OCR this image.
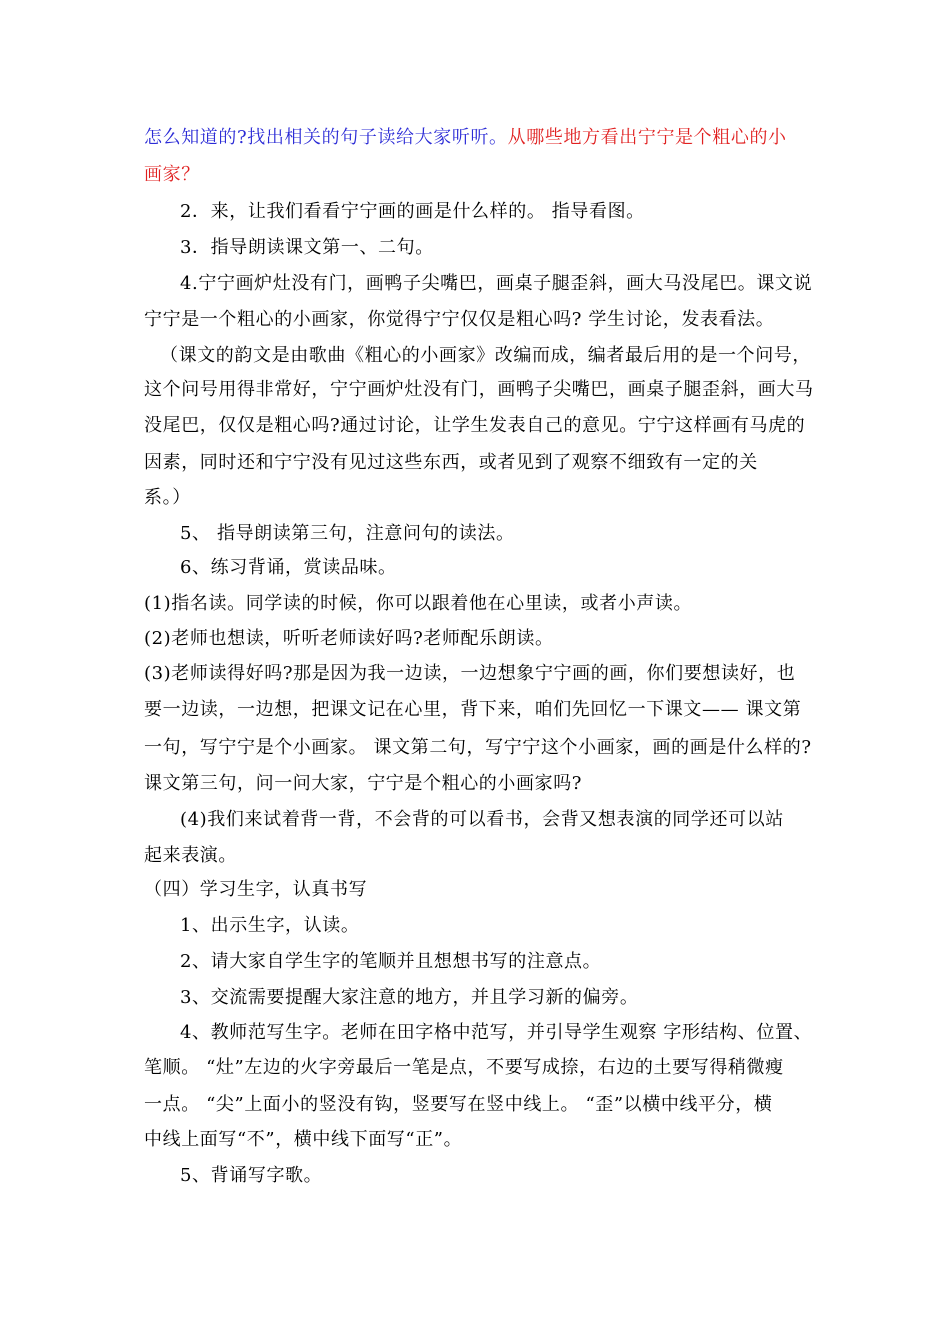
怎么知道的?找出相关的句子读给大家听听。从哪些地方看出宁宁是个粗心的小
画家？
2．来，让我们看看宁宁画的画是什么样的。 指导看图。
3．指导朗读课文第一、二句。
4.宁宁画炉灶没有门，画鸭子尖嘴巴，画桌子腿歪斜，画大马没尾巴。课文说
宁宁是一个粗心的小画家，你觉得宁宁仅仅是粗心吗? 学生讨论，发表看法。
（课文的韵文是由歌曲《粗心的小画家》改编而成，编者最后用的是一个问号，
这个问号用得非常好，宁宁画炉灶没有门，画鸭子尖嘴巴，画桌子腿歪斜，画大马
没尾巴，仅仅是粗心吗?通过讨论，让学生发表自己的意见。宁宁这样画有马虎的
因素，同时还和宁宁没有见过这些东西，或者见到了观察不细致有一定的关
系。）
5、 指导朗读第三句，注意问句的读法。
6、练习背诵，赏读品味。
(1)指名读。同学读的时候，你可以跟着他在心里读，或者小声读。
(2)老师也想读，听听老师读好吗?老师配乐朗读。
(3)老师读得好吗?那是因为我一边读，一边想象宁宁画的画，你们要想读好，也
要一边读，一边想，把课文记在心里，背下来，咱们先回忆一下课文—— 课文第
一句，写宁宁是个小画家。 课文第二句，写宁宁这个小画家，画的画是什么样的?
课文第三句，问一问大家，宁宁是个粗心的小画家吗?
(4)我们来试着背一背，不会背的可以看书，会背又想表演的同学还可以站
起来表演。
（四）学习生字，认真书写
1、出示生字，认读。
2、请大家自学生字的笔顺并且想想书写的注意点。
3、交流需要提醒大家注意的地方，并且学习新的偏旁。
4、教师范写生字。老师在田字格中范写，并引导学生观察 字形结构、位置、
笔顺。 “灶”左边的火字旁最后一笔是点，不要写成捺，右边的土要写得稍微瘦
一点。 “尖”上面小的竖没有钩，竖要写在竖中线上。 “歪”以横中线平分，横
中线上面写“不”，横中线下面写“正”。
5、背诵写字歌。
